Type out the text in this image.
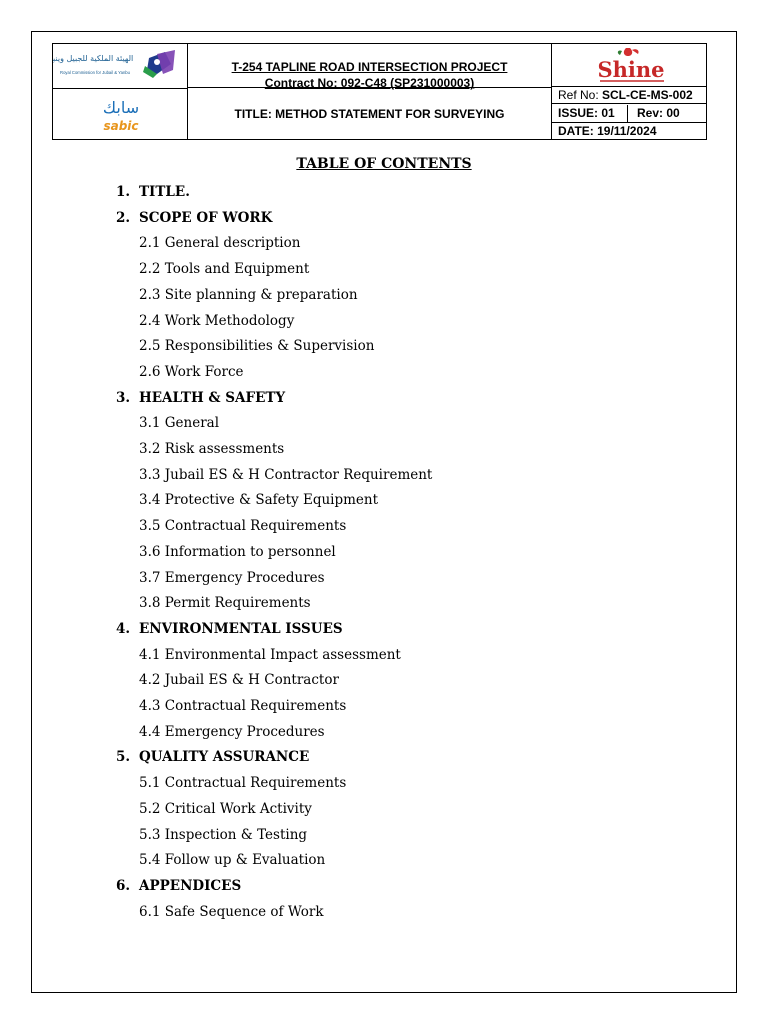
الهيئة الملكية للجبيل وينبع
Royal Commission for Jubail & Yanbu
سابك
sabic
T-254 TAPLINE ROAD INTERSECTION PROJECT
Contract No: 092-C48 (SP231000003)
TITLE: METHOD STATEMENT FOR SURVEYING
Shine
Ref No: SCL-CE-MS-002
ISSUE: 01	Rev: 00
DATE: 19/11/2024
TABLE OF CONTENTS
1. TITLE.
2. SCOPE OF WORK
2.1 General description
2.2 Tools and Equipment
2.3 Site planning & preparation
2.4 Work Methodology
2.5 Responsibilities & Supervision
2.6 Work Force
3. HEALTH & SAFETY
3.1 General
3.2 Risk assessments
3.3 Jubail ES & H Contractor Requirement
3.4 Protective & Safety Equipment
3.5 Contractual Requirements
3.6 Information to personnel
3.7 Emergency Procedures
3.8 Permit Requirements
4. ENVIRONMENTAL ISSUES
4.1 Environmental Impact assessment
4.2 Jubail ES & H Contractor
4.3 Contractual Requirements
4.4 Emergency Procedures
5. QUALITY ASSURANCE
5.1 Contractual Requirements
5.2 Critical Work Activity
5.3 Inspection & Testing
5.4 Follow up & Evaluation
6. APPENDICES
6.1 Safe Sequence of Work
